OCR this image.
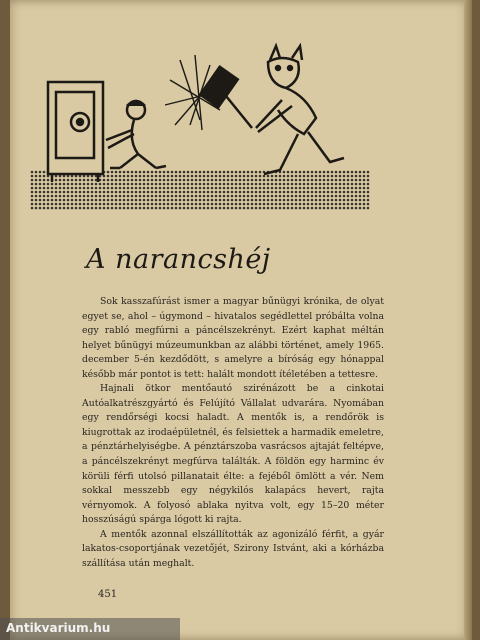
A narancshéj

Sok kasszafúrást ismer a magyar bűnügyi krónika, de olyat egyet se, ahol – úgymond – hivatalos segédlettel próbálta volna egy rabló megfúrni a páncélszekrényt. Ezért kaphat méltán helyet bűnügyi múzeumunkban az alábbi történet, amely 1965. december 5-én kezdődött, s amelyre a bíróság egy hónappal később már pontot is tett: halált mondott ítéletében a tettesre.

Hajnali ötkor mentőautó szirénázott be a cinkotai Autóalkatrészgyártó és Felújító Vállalat udvarára. Nyomában egy rendőrségi kocsi haladt. A mentők is, a rendőrök is kiugrottak az irodaépületnél, és felsiettek a harmadik emeletre, a pénztárhelyiségbe. A pénztárszoba vasrácsos ajtaját feltépve, a páncélszekrényt megfúrva találták. A földön egy harminc év körüli férfi utolsó pillanatait élte: a fejéből ömlött a vér. Nem sokkal messzebb egy négykilós kalapács hevert, rajta vérnyomok. A folyosó ablaka nyitva volt, egy 15–20 méter hosszúságú spárga lógott ki rajta.

A mentők azonnal elszállították az agonizáló férfit, a gyár lakatos-csoportjának vezetőjét, Szirony Istvánt, aki a kórházba szállítása után meghalt.

451
Antikvarium.hu
